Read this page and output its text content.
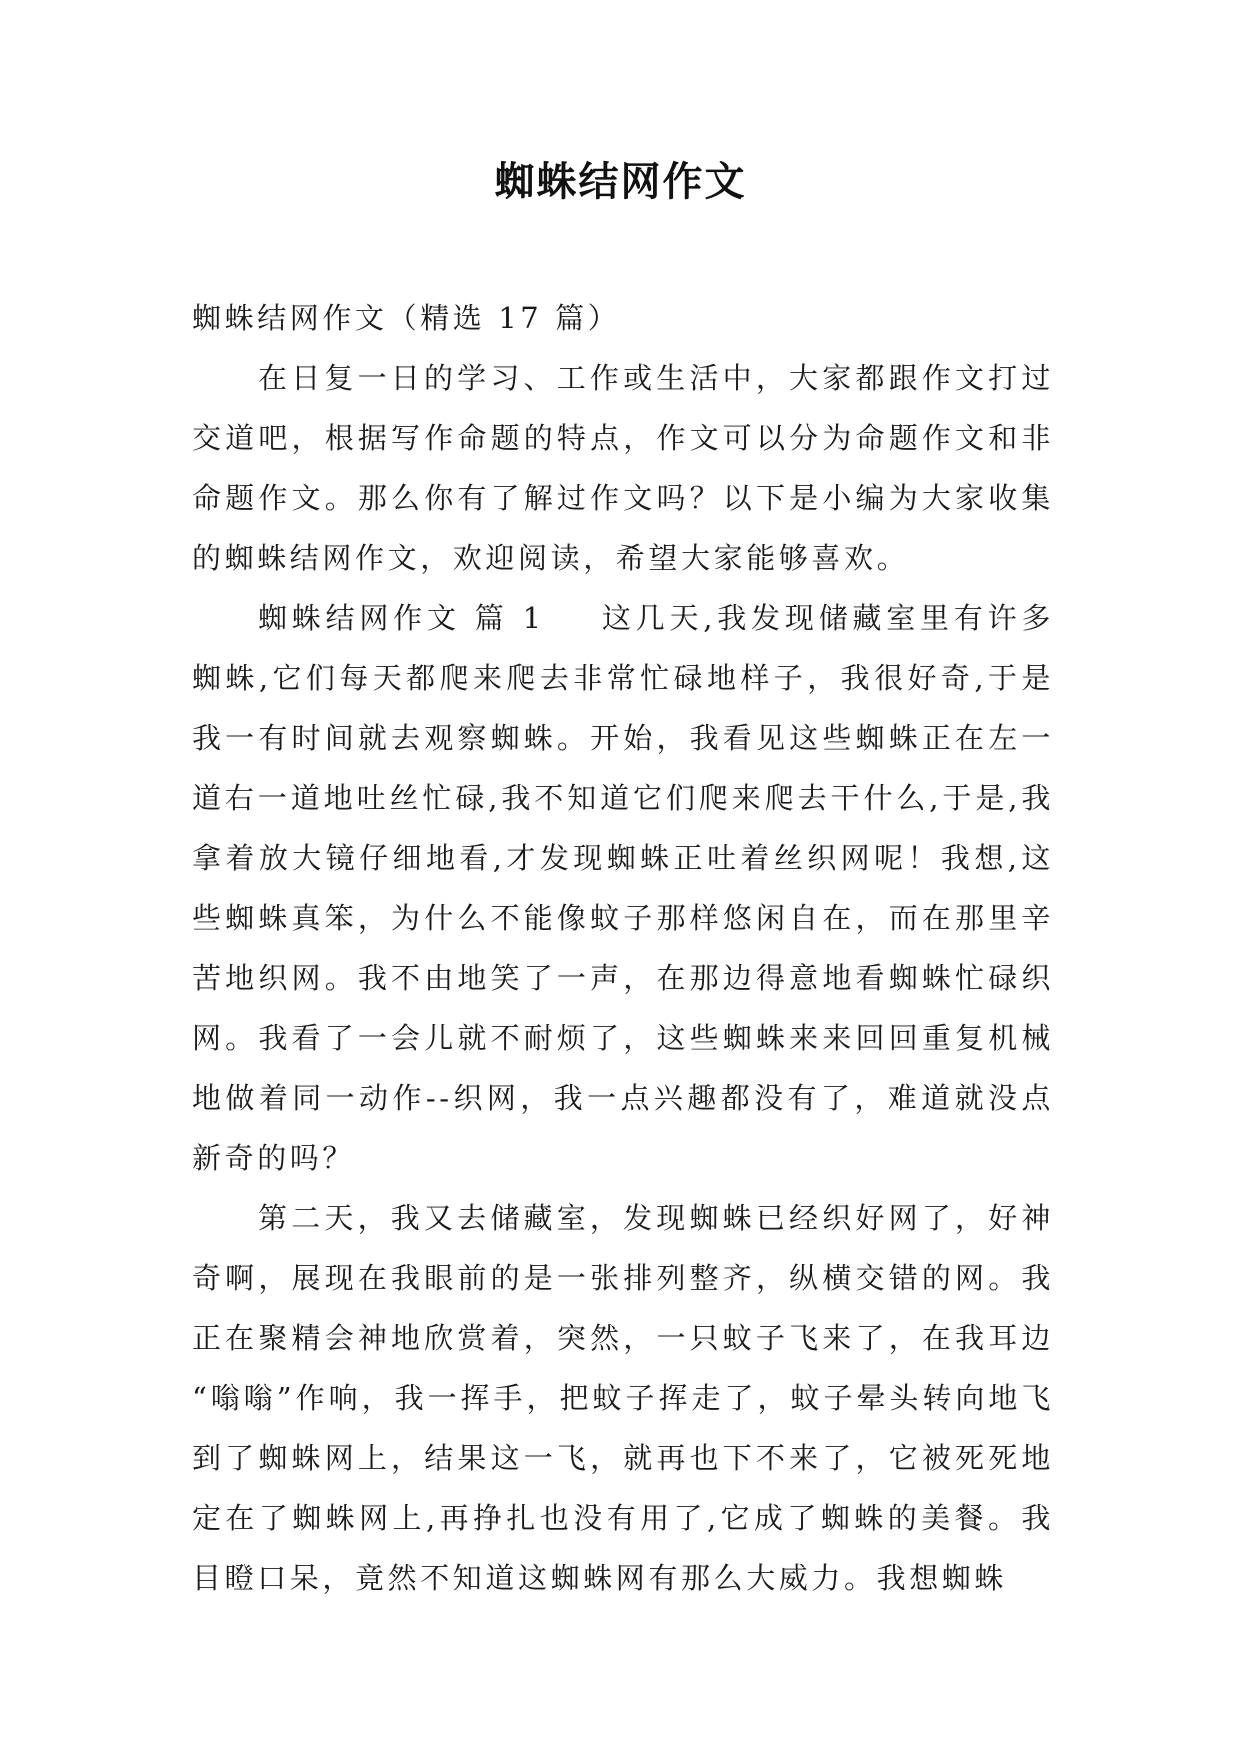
蜘蛛结网作文

蜘蛛结网作文（精选 17 篇）

在日复一日的学习、工作或生活中，大家都跟作文打过交道吧，根据写作命题的特点，作文可以分为命题作文和非命题作文。那么你有了解过作文吗？以下是小编为大家收集的蜘蛛结网作文，欢迎阅读，希望大家能够喜欢。

蜘蛛结网作文 篇 1 这几天,我发现储藏室里有许多蜘蛛,它们每天都爬来爬去非常忙碌地样子，我很好奇,于是我一有时间就去观察蜘蛛。开始，我看见这些蜘蛛正在左一道右一道地吐丝忙碌,我不知道它们爬来爬去干什么,于是,我拿着放大镜仔细地看,才发现蜘蛛正吐着丝织网呢！我想,这些蜘蛛真笨，为什么不能像蚊子那样悠闲自在，而在那里辛苦地织网。我不由地笑了一声，在那边得意地看蜘蛛忙碌织网。我看了一会儿就不耐烦了，这些蜘蛛来来回回重复机械地做着同一动作--织网，我一点兴趣都没有了，难道就没点新奇的吗？

第二天，我又去储藏室，发现蜘蛛已经织好网了，好神奇啊，展现在我眼前的是一张排列整齐，纵横交错的网。我正在聚精会神地欣赏着，突然，一只蚊子飞来了，在我耳边“嗡嗡”作响，我一挥手，把蚊子挥走了，蚊子晕头转向地飞到了蜘蛛网上，结果这一飞，就再也下不来了，它被死死地定在了蜘蛛网上,再挣扎也没有用了,它成了蜘蛛的美餐。我目瞪口呆，竟然不知道这蜘蛛网有那么大威力。我想蜘蛛
